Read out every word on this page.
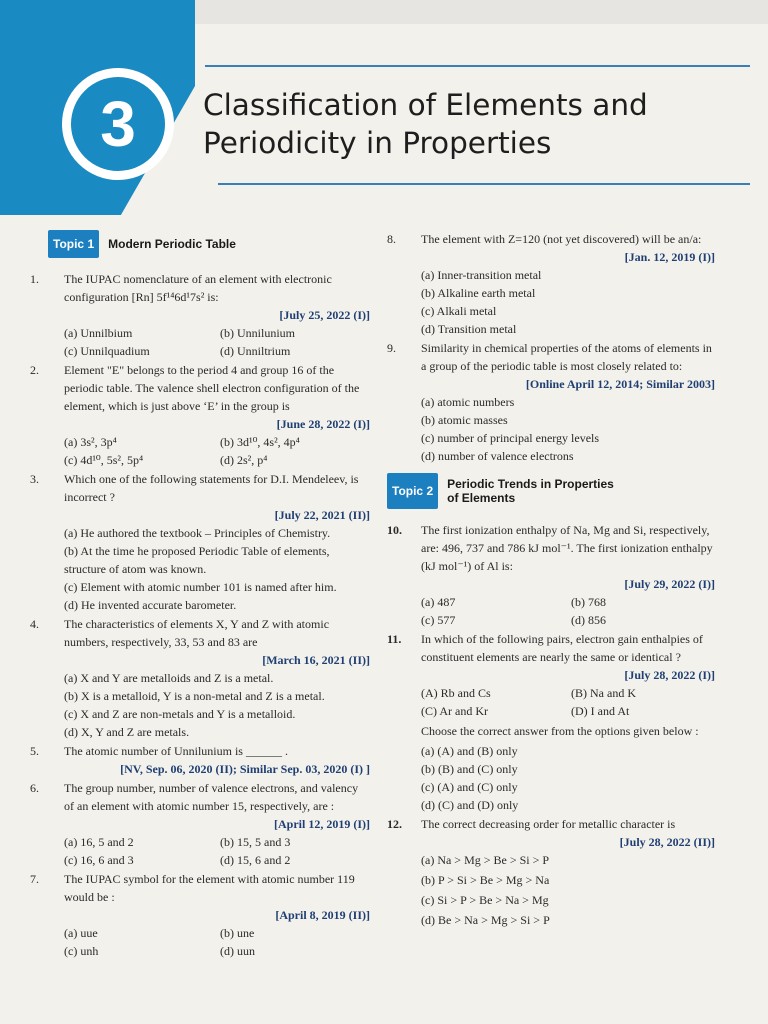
3 Classification of Elements and
Periodicity in Properties
Topic 1	Modern Periodic Table
1.	The IUPAC nomenclature of an element with electronic configuration [Rn] 5f¹⁴6d¹7s² is:
[July 25, 2022 (I)]
(a) Unnilbium	(b) Unnilunium
(c) Unnilquadium	(d) Unniltrium
2.	Element "E" belongs to the period 4 and group 16 of the periodic table. The valence shell electron configuration of the element, which is just above ‘E’ in the group is
[June 28, 2022 (I)]
(a) 3s², 3p⁴	(b) 3d¹⁰, 4s², 4p⁴
(c) 4d¹⁰, 5s², 5p⁴	(d) 2s², p⁴
3.	Which one of the following statements for D.I. Mendeleev, is incorrect ?
[July 22, 2021 (II)]
(a) He authored the textbook – Principles of Chemistry.
(b) At the time he proposed Periodic Table of elements, structure of atom was known.
(c) Element with atomic number 101 is named after him.
(d) He invented accurate barometer.
4.	The characteristics of elements X, Y and Z with atomic numbers, respectively, 33, 53 and 83 are
[March 16, 2021 (II)]
(a) X and Y are metalloids and Z is a metal.
(b) X is a metalloid, Y is a non-metal and Z is a metal.
(c) X and Z are non-metals and Y is a metalloid.
(d) X, Y and Z are metals.
5.	The atomic number of Unnilunium is ______ .
[NV, Sep. 06, 2020 (II); Similar Sep. 03, 2020 (I) ]
6.	The group number, number of valence electrons, and valency of an element with atomic number 15, respectively, are :
[April 12, 2019 (I)]
(a) 16, 5 and 2	(b) 15, 5 and 3
(c) 16, 6 and 3	(d) 15, 6 and 2
7.	The IUPAC symbol for the element with atomic number 119 would be :
[April 8, 2019 (II)]
(a) uue	(b) une
(c) unh	(d) uun
8.	The element with Z=120 (not yet discovered) will be an/a:
[Jan. 12, 2019 (I)]
(a) Inner-transition metal
(b) Alkaline earth metal
(c) Alkali metal
(d) Transition metal
9.	Similarity in chemical properties of the atoms of elements in a group of the periodic table is most closely related to:
[Online April 12, 2014; Similar 2003]
(a) atomic numbers
(b) atomic masses
(c) number of principal energy levels
(d) number of valence electrons
Topic 2	Periodic Trends in Properties
of Elements
10.	The first ionization enthalpy of Na, Mg and Si, respectively, are: 496, 737 and 786 kJ mol⁻¹. The first ionization enthalpy (kJ mol⁻¹) of Al is:
[July 29, 2022 (I)]
(a) 487	(b) 768
(c) 577	(d) 856
11.	In which of the following pairs, electron gain enthalpies of constituent elements are nearly the same or identical ?
[July 28, 2022 (I)]
(A) Rb and Cs	(B) Na and K
(C) Ar and Kr	(D) I and At
Choose the correct answer from the options given below :
(a) (A) and (B) only
(b) (B) and (C) only
(c) (A) and (C) only
(d) (C) and (D) only
12.	The correct decreasing order for metallic character is
[July 28, 2022 (II)]
(a) Na > Mg > Be > Si > P
(b) P > Si > Be > Mg > Na
(c) Si > P > Be > Na > Mg
(d) Be > Na > Mg > Si > P
